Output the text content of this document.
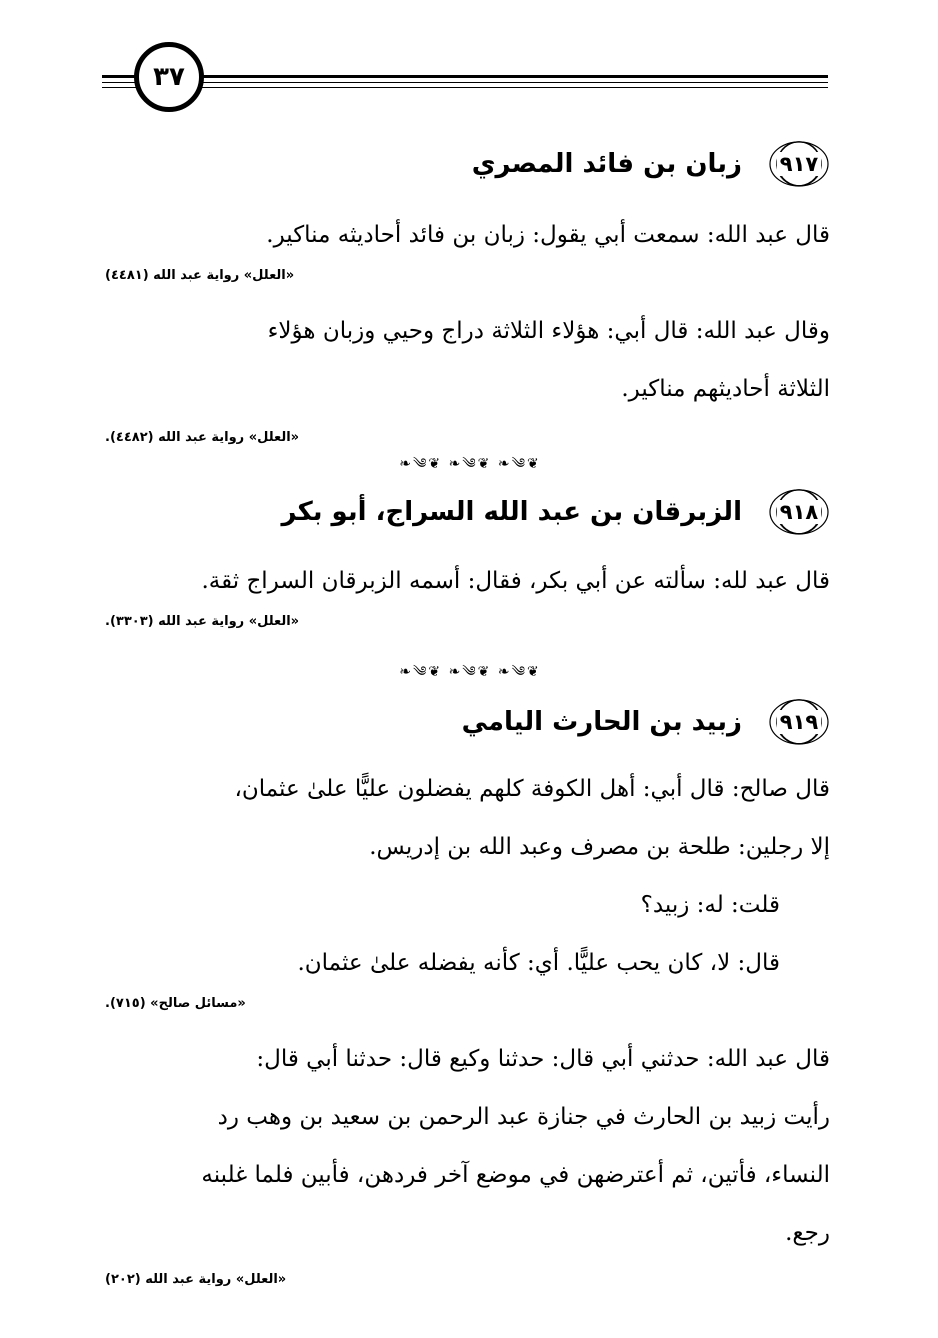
٣٧
٩١٧
زبان بن فائد المصري

قال عبد الله: سمعت أبي يقول: زبان بن فائد أحاديثه مناكير.

«العلل» رواية عبد الله (٤٤٨١)

وقال عبد الله: قال أبي: هؤلاء الثلاثة دراج وحيي وزبان هؤلاء
الثلاثة أحاديثهم مناكير.

«العلل» رواية عبد الله (٤٤٨٢).

❧༄❦ ❧༄❦ ❧༄❦
٩١٨
الزبرقان بن عبد الله السراج، أبو بكر

قال عبد لله: سألته عن أبي بكر، فقال: أسمه الزبرقان السراج ثقة.

«العلل» رواية عبد الله (٣٣٠٣).

❧༄❦ ❧༄❦ ❧༄❦
٩١٩
زبيد بن الحارث اليامي

قال صالح: قال أبي: أهل الكوفة كلهم يفضلون عليًّا علىٰ عثمان،
إلا رجلين: طلحة بن مصرف وعبد الله بن إدريس.

قلت: له: زبيد؟

قال: لا، كان يحب عليًّا. أي: كأنه يفضله علىٰ عثمان.

«مسائل صالح» (٧١٥).

قال عبد الله: حدثني أبي قال: حدثنا وكيع قال: حدثنا أبي قال:
رأيت زبيد بن الحارث في جنازة عبد الرحمن بن سعيد بن وهب رد
النساء، فأتين، ثم أعترضهن في موضع آخر فردهن، فأبين فلما غلبنه
رجع.

«العلل» رواية عبد الله (٢٠٢)
